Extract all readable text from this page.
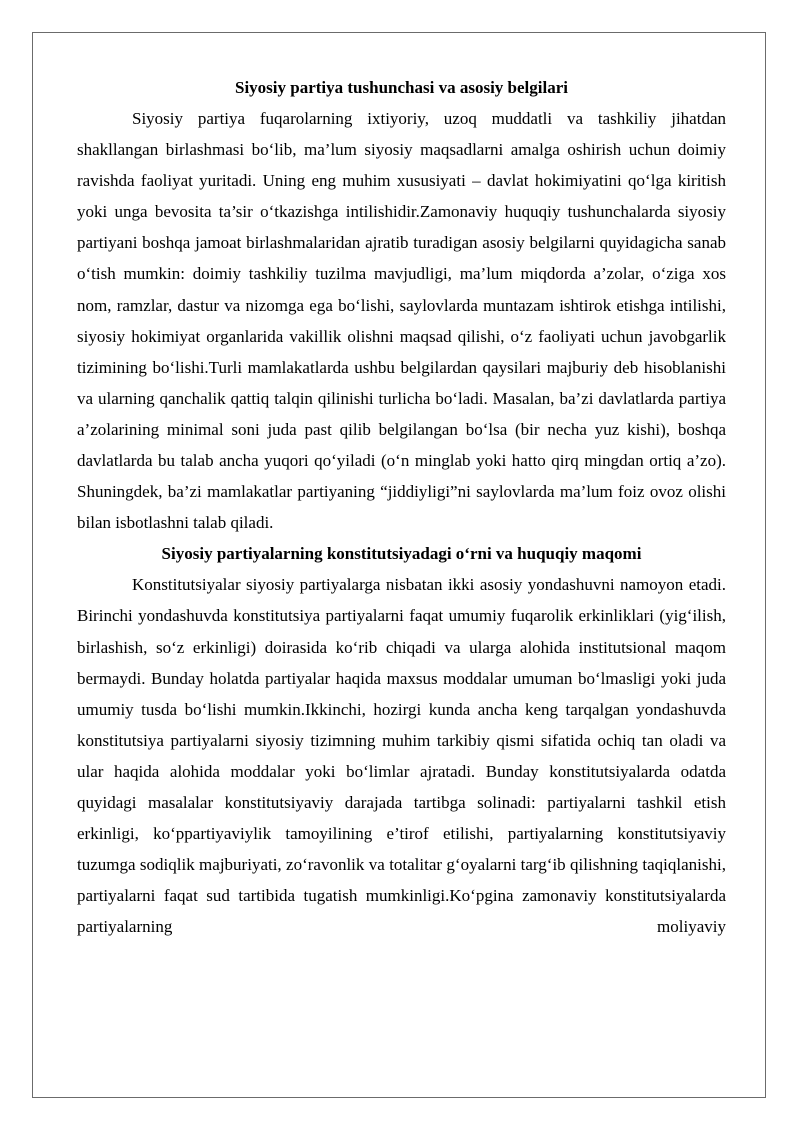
Siyosiy partiya tushunchasi va asosiy belgilari

Siyosiy partiya fuqarolarning ixtiyoriy, uzoq muddatli va tashkiliy jihatdan shakllangan birlashmasi bo‘lib, ma’lum siyosiy maqsadlarni amalga oshirish uchun doimiy ravishda faoliyat yuritadi. Uning eng muhim xususiyati – davlat hokimiyatini qo‘lga kiritish yoki unga bevosita ta’sir o‘tkazishga intilishidir.Zamonaviy huquqiy tushunchalarda siyosiy partiyani boshqa jamoat birlashmalaridan ajratib turadigan asosiy belgilarni quyidagicha sanab o‘tish mumkin: doimiy tashkiliy tuzilma mavjudligi, ma’lum miqdorda a’zolar, o‘ziga xos nom, ramzlar, dastur va nizomga ega bo‘lishi, saylovlarda muntazam ishtirok etishga intilishi, siyosiy hokimiyat organlarida vakillik olishni maqsad qilishi, o‘z faoliyati uchun javobgarlik tizimining bo‘lishi.Turli mamlakatlarda ushbu belgilardan qaysilari majburiy deb hisoblanishi va ularning qanchalik qattiq talqin qilinishi turlicha bo‘ladi. Masalan, ba’zi davlatlarda partiya a’zolarining minimal soni juda past qilib belgilangan bo‘lsa (bir necha yuz kishi), boshqa davlatlarda bu talab ancha yuqori qo‘yiladi (o‘n minglab yoki hatto qirq mingdan ortiq a’zo). Shuningdek, ba’zi mamlakatlar partiyaning “jiddiyligi”ni saylovlarda ma’lum foiz ovoz olishi bilan isbotlashni talab qiladi.

Siyosiy partiyalarning konstitutsiyadagi o‘rni va huquqiy maqomi

Konstitutsiyalar siyosiy partiyalarga nisbatan ikki asosiy yondashuvni namoyon etadi. Birinchi yondashuvda konstitutsiya partiyalarni faqat umumiy fuqarolik erkinliklari (yig‘ilish, birlashish, so‘z erkinligi) doirasida ko‘rib chiqadi va ularga alohida institutsional maqom bermaydi. Bunday holatda partiyalar haqida maxsus moddalar umuman bo‘lmasligi yoki juda umumiy tusda bo‘lishi mumkin.Ikkinchi, hozirgi kunda ancha keng tarqalgan yondashuvda konstitutsiya partiyalarni siyosiy tizimning muhim tarkibiy qismi sifatida ochiq tan oladi va ular haqida alohida moddalar yoki bo‘limlar ajratadi. Bunday konstitutsiyalarda odatda quyidagi masalalar konstitutsiyaviy darajada tartibga solinadi: partiyalarni tashkil etish erkinligi, ko‘ppartiyaviylik tamoyilining e’tirof etilishi, partiyalarning konstitutsiyaviy tuzumga sodiqlik majburiyati, zo‘ravonlik va totalitar g‘oyalarni targ‘ib qilishning taqiqlanishi, partiyalarni faqat sud tartibida tugatish mumkinligi.Ko‘pgina zamonaviy konstitutsiyalarda partiyalarning moliyaviy
